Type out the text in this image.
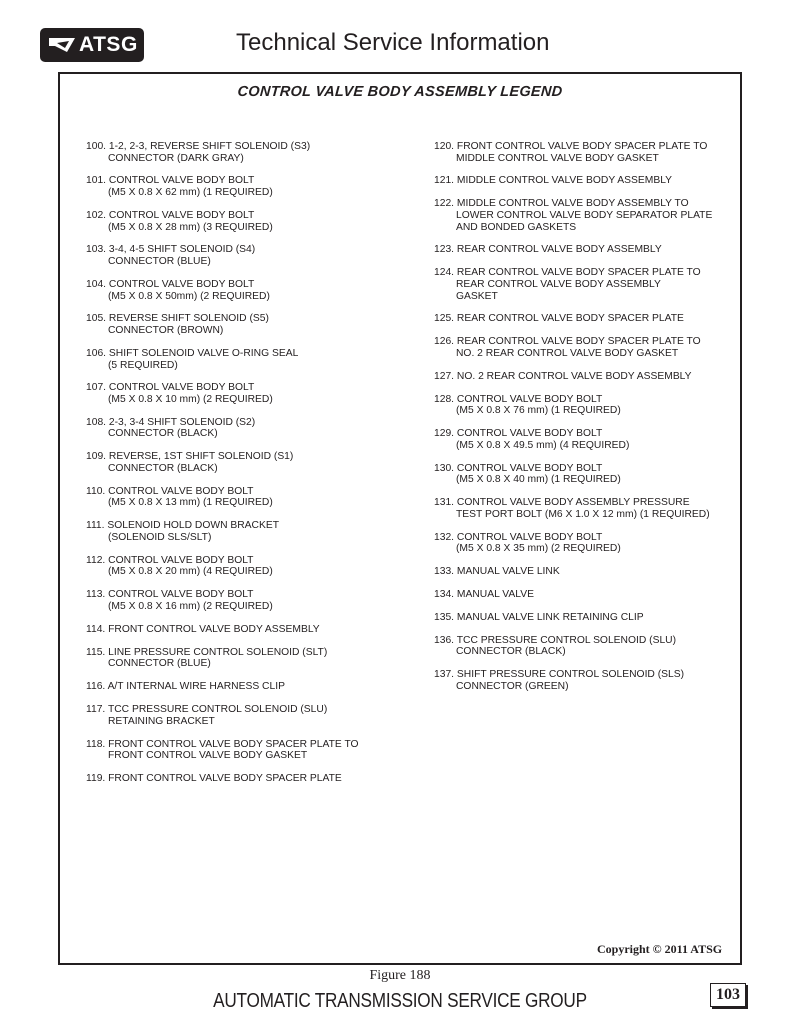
ATSG	Technical Service Information
CONTROL VALVE BODY ASSEMBLY LEGEND
100. 1-2, 2-3, REVERSE SHIFT SOLENOID (S3)
CONNECTOR (DARK GRAY)
101. CONTROL VALVE BODY BOLT
(M5 X 0.8 X 62 mm) (1 REQUIRED)
102. CONTROL VALVE BODY BOLT
(M5 X 0.8 X 28 mm) (3 REQUIRED)
103. 3-4, 4-5 SHIFT SOLENOID (S4)
CONNECTOR (BLUE)
104. CONTROL VALVE BODY BOLT
(M5 X 0.8 X 50mm) (2 REQUIRED)
105. REVERSE SHIFT SOLENOID (S5)
CONNECTOR (BROWN)
106. SHIFT SOLENOID VALVE O-RING SEAL
(5 REQUIRED)
107. CONTROL VALVE BODY BOLT
(M5 X 0.8 X 10 mm) (2 REQUIRED)
108. 2-3, 3-4 SHIFT SOLENOID (S2)
CONNECTOR (BLACK)
109. REVERSE, 1ST SHIFT SOLENOID (S1)
CONNECTOR (BLACK)
110. CONTROL VALVE BODY BOLT
(M5 X 0.8 X 13 mm) (1 REQUIRED)
111. SOLENOID HOLD DOWN BRACKET
(SOLENOID SLS/SLT)
112. CONTROL VALVE BODY BOLT
(M5 X 0.8 X 20 mm) (4 REQUIRED)
113. CONTROL VALVE BODY BOLT
(M5 X 0.8 X 16 mm) (2 REQUIRED)
114. FRONT CONTROL VALVE BODY ASSEMBLY
115. LINE PRESSURE CONTROL SOLENOID (SLT)
CONNECTOR (BLUE)
116. A/T INTERNAL WIRE HARNESS CLIP
117. TCC PRESSURE CONTROL SOLENOID (SLU)
RETAINING BRACKET
118. FRONT CONTROL VALVE BODY SPACER PLATE TO
FRONT CONTROL VALVE BODY GASKET
119. FRONT CONTROL VALVE BODY SPACER PLATE
120. FRONT CONTROL VALVE BODY SPACER PLATE TO
MIDDLE CONTROL VALVE BODY GASKET
121. MIDDLE CONTROL VALVE BODY ASSEMBLY
122. MIDDLE CONTROL VALVE BODY ASSEMBLY TO
LOWER CONTROL VALVE BODY SEPARATOR PLATE
AND BONDED GASKETS
123. REAR CONTROL VALVE BODY ASSEMBLY
124. REAR CONTROL VALVE BODY SPACER PLATE TO
REAR CONTROL VALVE BODY ASSEMBLY
GASKET
125. REAR CONTROL VALVE BODY SPACER PLATE
126. REAR CONTROL VALVE BODY SPACER PLATE TO
NO. 2 REAR CONTROL VALVE BODY GASKET
127. NO. 2 REAR CONTROL VALVE BODY ASSEMBLY
128. CONTROL VALVE BODY BOLT
(M5 X 0.8 X 76 mm) (1 REQUIRED)
129. CONTROL VALVE BODY BOLT
(M5 X 0.8 X 49.5 mm) (4 REQUIRED)
130. CONTROL VALVE BODY BOLT
(M5 X 0.8 X 40 mm) (1 REQUIRED)
131. CONTROL VALVE BODY ASSEMBLY PRESSURE
TEST PORT BOLT (M6 X 1.0 X 12 mm) (1 REQUIRED)
132. CONTROL VALVE BODY BOLT
(M5 X 0.8 X 35 mm) (2 REQUIRED)
133. MANUAL VALVE LINK
134. MANUAL VALVE
135. MANUAL VALVE LINK RETAINING CLIP
136. TCC PRESSURE CONTROL SOLENOID (SLU)
CONNECTOR (BLACK)
137. SHIFT PRESSURE CONTROL SOLENOID (SLS)
CONNECTOR (GREEN)
Copyright © 2011 ATSG
Figure 188
AUTOMATIC TRANSMISSION SERVICE GROUP	103
